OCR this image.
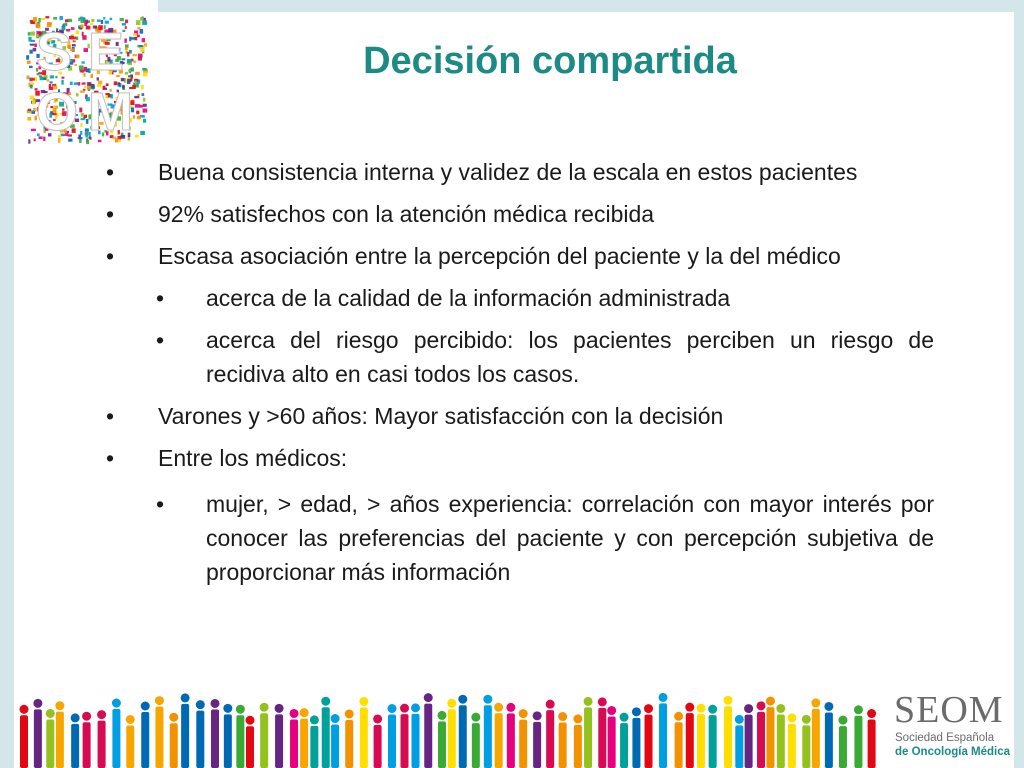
S E
O M
Decisión compartida
•	Buena consistencia interna y validez de la escala en estos pacientes
•	92% satisfechos con la atención médica recibida
•	Escasa asociación entre la percepción del paciente y la del médico
•	acerca de la calidad de la información administrada
•	acerca del riesgo percibido: los pacientes perciben un riesgo de recidiva alto en casi todos los casos.
•	Varones y >60 años: Mayor satisfacción con la decisión
•	Entre los médicos:
•	mujer, > edad, > años experiencia: correlación con mayor interés por conocer las preferencias del paciente y con percepción subjetiva de proporcionar más información
SEOM
Sociedad Española
de Oncología Médica
